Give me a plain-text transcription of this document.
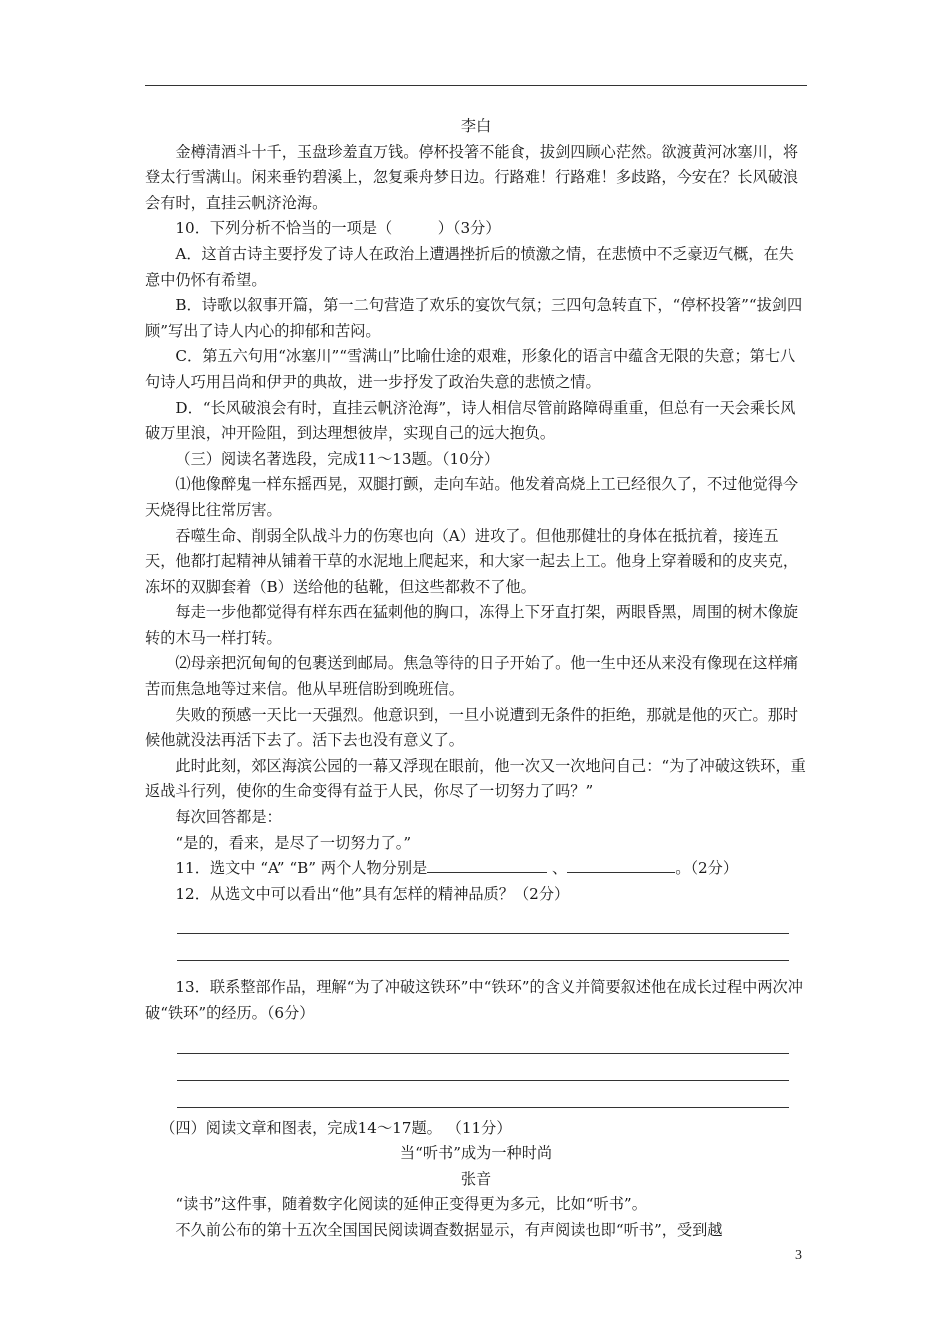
李白

金樽清酒斗十千，玉盘珍羞直万钱。停杯投箸不能食，拔剑四顾心茫然。欲渡黄河冰塞川，将登太行雪满山。闲来垂钓碧溪上，忽复乘舟梦日边。行路难！行路难！多歧路，今安在？长风破浪会有时，直挂云帆济沧海。

10．下列分析不恰当的一项是（　　　）（3分）

A．这首古诗主要抒发了诗人在政治上遭遇挫折后的愤激之情，在悲愤中不乏豪迈气概，在失意中仍怀有希望。

B．诗歌以叙事开篇，第一二句营造了欢乐的宴饮气氛；三四句急转直下，“停杯投箸”“拔剑四顾”写出了诗人内心的抑郁和苦闷。

C．第五六句用“冰塞川”“雪满山”比喻仕途的艰难，形象化的语言中蕴含无限的失意；第七八句诗人巧用吕尚和伊尹的典故，进一步抒发了政治失意的悲愤之情。

D．“长风破浪会有时，直挂云帆济沧海”，诗人相信尽管前路障碍重重，但总有一天会乘长风破万里浪，冲开险阻，到达理想彼岸，实现自己的远大抱负。

（三）阅读名著选段，完成11～13题。（10分）

⑴他像醉鬼一样东摇西晃，双腿打颤，走向车站。他发着高烧上工已经很久了，不过他觉得今天烧得比往常厉害。

吞噬生命、削弱全队战斗力的伤寒也向（A）进攻了。但他那健壮的身体在抵抗着，接连五天，他都打起精神从铺着干草的水泥地上爬起来，和大家一起去上工。他身上穿着暖和的皮夹克，冻坏的双脚套着（B）送给他的毡靴，但这些都救不了他。

每走一步他都觉得有样东西在猛刺他的胸口，冻得上下牙直打架，两眼昏黑，周围的树木像旋转的木马一样打转。

⑵母亲把沉甸甸的包裹送到邮局。焦急等待的日子开始了。他一生中还从来没有像现在这样痛苦而焦急地等过来信。他从早班信盼到晚班信。

失败的预感一天比一天强烈。他意识到，一旦小说遭到无条件的拒绝，那就是他的灭亡。那时候他就没法再活下去了。活下去也没有意义了。

此时此刻，郊区海滨公园的一幕又浮现在眼前，他一次又一次地问自己：“为了冲破这铁环，重返战斗行列，使你的生命变得有益于人民，你尽了一切努力了吗？”

每次回答都是：

“是的，看来，是尽了一切努力了。”

11．选文中 “A” “B” 两个人物分别是	、	。（2分）

12．从选文中可以看出“他”具有怎样的精神品质？（2分）

13．联系整部作品，理解“为了冲破这铁环”中“铁环”的含义并简要叙述他在成长过程中两次冲破“铁环”的经历。（6分）

（四）阅读文章和图表，完成14～17题。 （11分）

当“听书”成为一种时尚
张音

“读书”这件事，随着数字化阅读的延伸正变得更为多元，比如“听书”。

不久前公布的第十五次全国国民阅读调查数据显示，有声阅读也即“听书”，受到越

3
